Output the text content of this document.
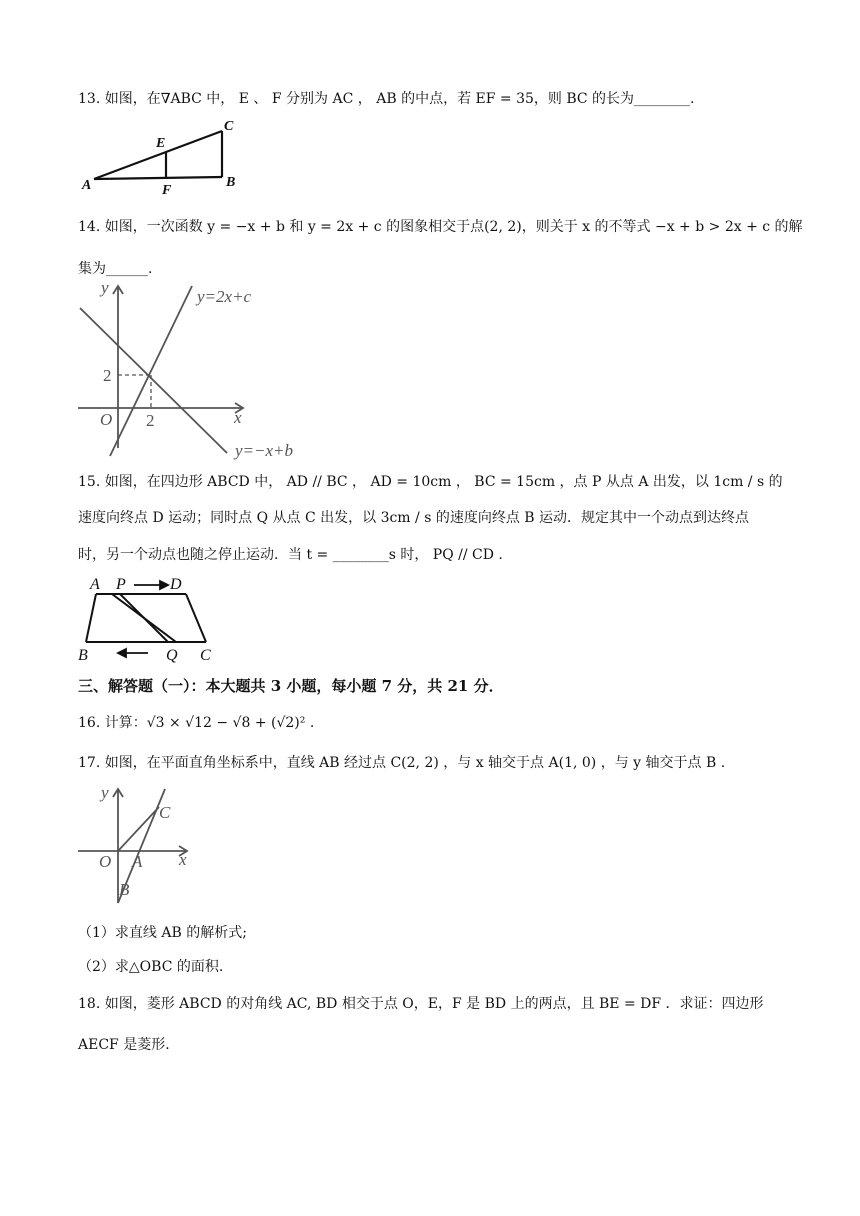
13. 如图，在∇ABC 中， E 、 F 分别为 AC ， AB 的中点，若 EF = 35，则 BC 的长为________.
A	B
C
E
F
14. 如图，一次函数 y = −x + b 和 y = 2x + c 的图象相交于点(2, 2)，则关于 x 的不等式 −x + b > 2x + c 的解
集为______.
y
x
O
y=2x+c
y=−x+b
2
2
15. 如图，在四边形 ABCD 中， AD // BC ， AD = 10cm ， BC = 15cm ，点 P 从点 A 出发，以 1cm / s 的
速度向终点 D 运动；同时点 Q 从点 C 出发，以 3cm / s 的速度向终点 B 运动．规定其中一个动点到达终点
时，另一个动点也随之停止运动．当 t = ________s 时， PQ // CD .
A P	D
B	Q C
三、解答题（一）：本大题共 3 小题，每小题 7 分，共 21 分．
16. 计算：√3 × √12 − √8 + (√2)² .
17. 如图，在平面直角坐标系中，直线 AB 经过点 C(2, 2) ，与 x 轴交于点 A(1, 0) ，与 y 轴交于点 B .
y
x
O A
B
C
（1）求直线 AB 的解析式;
（2）求△OBC 的面积.
18. 如图，菱形 ABCD 的对角线 AC, BD 相交于点 O，E，F 是 BD 上的两点，且 BE = DF ．求证：四边形
AECF 是菱形.
